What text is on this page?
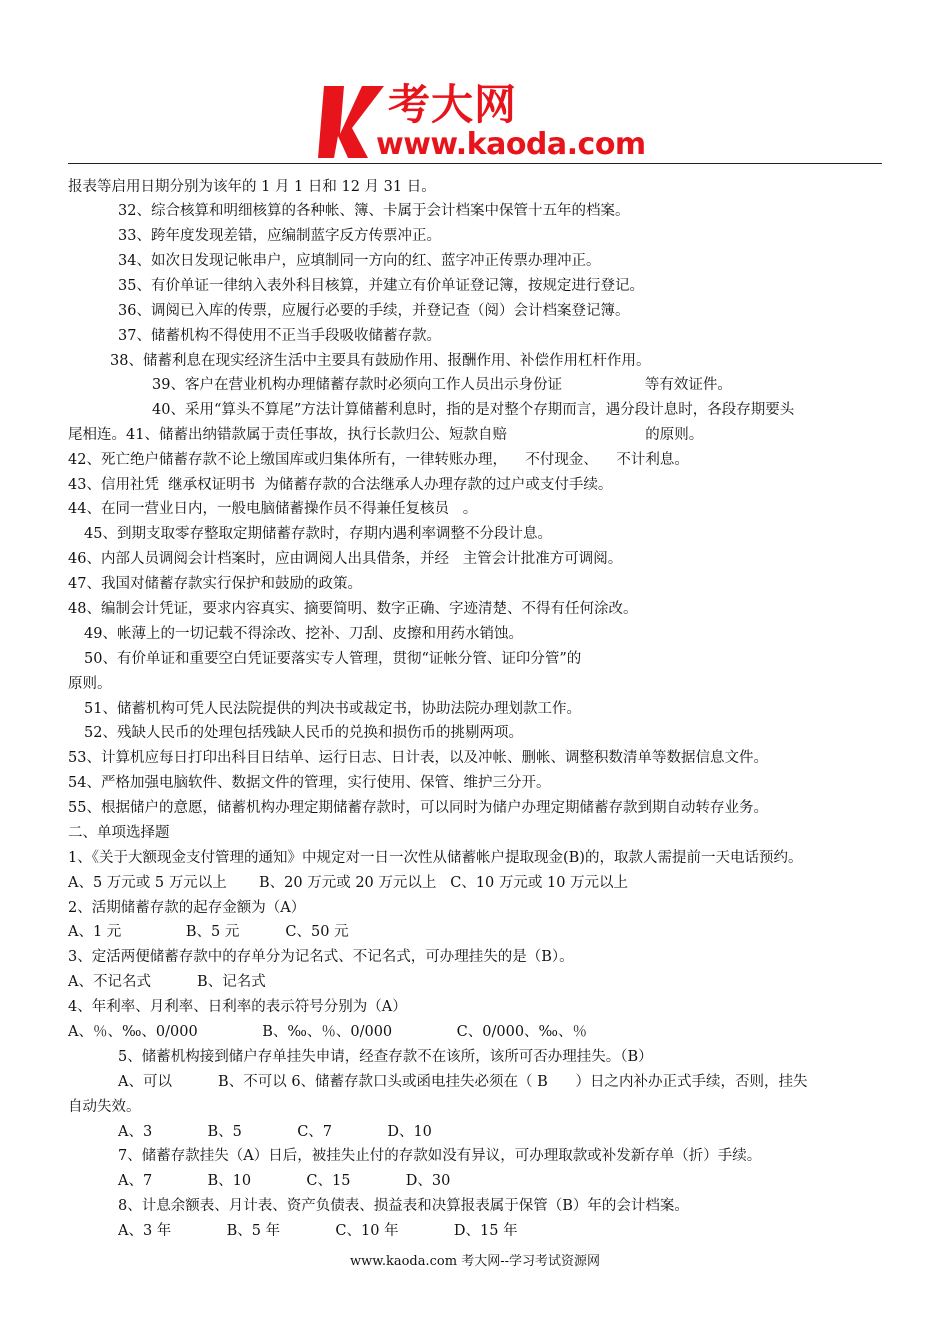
考大网
www.kaoda.com
报表等启用日期分别为该年的 1 月 1 日和 12 月 31 日。
32、综合核算和明细核算的各种帐、簿、卡属于会计档案中保管十五年的档案。
33、跨年度发现差错，应编制蓝字反方传票冲正。
34、如次日发现记帐串户，应填制同一方向的红、蓝字冲正传票办理冲正。
35、有价单证一律纳入表外科目核算，并建立有价单证登记簿，按规定进行登记。
36、调阅已入库的传票，应履行必要的手续，并登记查（阅）会计档案登记簿。
37、储蓄机构不得使用不正当手段吸收储蓄存款。
38、储蓄利息在现实经济生活中主要具有鼓励作用、报酬作用、补偿作用杠杆作用。
39、客户在营业机构办理储蓄存款时必须向工作人员出示身份证                  等有效证件。
40、采用“算头不算尾”方法计算储蓄利息时，指的是对整个存期而言，遇分段计息时，各段存期要头
尾相连。41、储蓄出纳错款属于责任事故，执行长款归公、短款自赔                              的原则。
42、死亡绝户储蓄存款不论上缴国库或归集体所有，一律转账办理，    不付现金、    不计利息。
43、信用社凭  继承权证明书  为储蓄存款的合法继承人办理存款的过户或支付手续。
44、在同一营业日内，一般电脑储蓄操作员不得兼任复核员   。
45、到期支取零存整取定期储蓄存款时，存期内遇利率调整不分段计息。
46、内部人员调阅会计档案时，应由调阅人出具借条，并经   主管会计批准方可调阅。
47、我国对储蓄存款实行保护和鼓励的政策。
48、编制会计凭证，要求内容真实、摘要简明、数字正确、字迹清楚、不得有任何涂改。
49、帐薄上的一切记载不得涂改、挖补、刀刮、皮擦和用药水销蚀。
50、有价单证和重要空白凭证要落实专人管理，贯彻“证帐分管、证印分管”的
原则。
51、储蓄机构可凭人民法院提供的判决书或裁定书，协助法院办理划款工作。
52、残缺人民币的处理包括残缺人民币的兑换和损伤币的挑剔两项。
53、计算机应每日打印出科目日结单、运行日志、日计表，以及冲帐、删帐、调整积数清单等数据信息文件。
54、严格加强电脑软件、数据文件的管理，实行使用、保管、维护三分开。
55、根据储户的意愿，储蓄机构办理定期储蓄存款时，可以同时为储户办理定期储蓄存款到期自动转存业务。
二、单项选择题
1、《关于大额现金支付管理的通知》中规定对一日一次性从储蓄帐户提取现金(B)的，取款人需提前一天电话预约。
A、5 万元或 5 万元以上       B、20 万元或 20 万元以上   C、10 万元或 10 万元以上
2、活期储蓄存款的起存金额为（A）
A、1 元              B、5 元          C、50 元
3、定活两便储蓄存款中的存单分为记名式、不记名式，可办理挂失的是（B）。
A、不记名式          B、记名式
4、年利率、月利率、日利率的表示符号分别为（A）
A、％、‰、0/000              B、‰、％、0/000              C、0/000、‰、％
5、储蓄机构接到储户存单挂失申请，经查存款不在该所，该所可否办理挂失。（B）
A、可以          B、不可以 6、储蓄存款口头或函电挂失必须在（ B      ）日之内补办正式手续，否则，挂失
自动失效。
A、3            B、5            C、7            D、10
7、储蓄存款挂失（A）日后，被挂失止付的存款如没有异议，可办理取款或补发新存单（折）手续。
A、7            B、10            C、15            D、30
8、计息余额表、月计表、资产负债表、损益表和决算报表属于保管（B）年的会计档案。
A、3 年            B、5 年            C、10 年            D、15 年
www.kaoda.com 考大网--学习考试资源网
